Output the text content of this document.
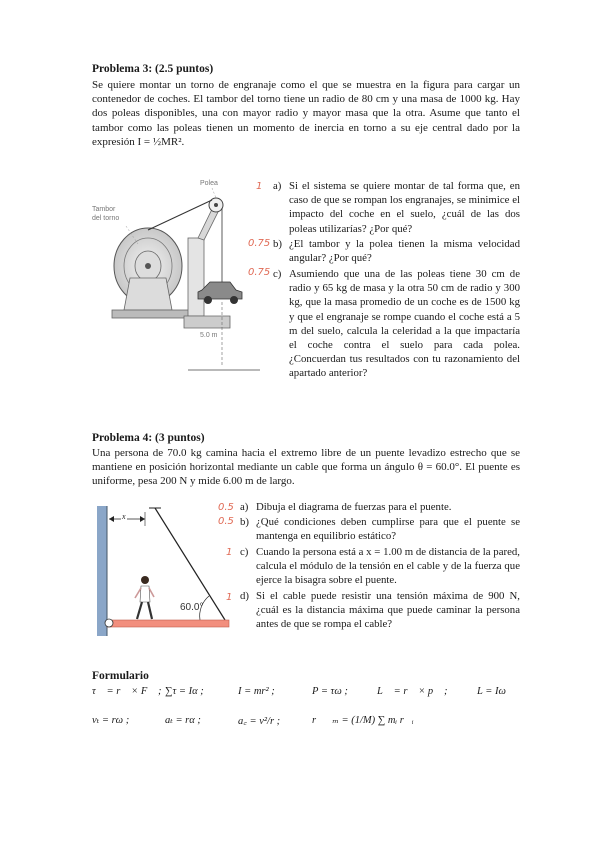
Problema 3: (2.5 puntos)
Se quiere montar un torno de engranaje como el que se muestra en la figura para cargar un contenedor de coches. El tambor del torno tiene un radio de 80 cm y una masa de 1000 kg. Hay dos poleas disponibles, una con mayor radio y mayor masa que la otra. Asume que tanto el tambor como las poleas tienen un momento de inercia en torno a su eje central dado por la expresión I = ½MR².
Polea
Tambor
del torno
5.0 m
a) Si el sistema se quiere montar de tal forma que, en caso de que se rompan los engranajes, se minimice el impacto del coche en el suelo, ¿cuál de las dos poleas utilizarías? ¿Por qué?
b) ¿El tambor y la polea tienen la misma velocidad angular? ¿Por qué?
c) Asumiendo que una de las poleas tiene 30 cm de radio y 65 kg de masa y la otra 50 cm de radio y 300 kg, que la masa promedio de un coche es de 1500 kg y que el engranaje se rompe cuando el coche está a 5 m del suelo, calcula la celeridad a la que impactaría el coche contra el suelo para cada polea. ¿Concuerdan tus resultados con tu razonamiento del apartado anterior?
1
0.75
0.75
Problema 4: (3 puntos)
Una persona de 70.0 kg camina hacia el extremo libre de un puente levadizo estrecho que se mantiene en posición horizontal mediante un cable que forma un ángulo θ = 60.0°. El puente es uniforme, pesa 200 N y mide 6.00 m de largo.
x
60.0°
a) Dibuja el diagrama de fuerzas para el puente.
b) ¿Qué condiciones deben cumplirse para que el puente se mantenga en equilibrio estático?
c) Cuando la persona está a x = 1.00 m de distancia de la pared, calcula el módulo de la tensión en el cable y de la fuerza que ejerce la bisagra sobre el puente.
d) Si el cable puede resistir una tensión máxima de 900 N, ¿cuál es la distancia máxima que puede caminar la persona antes de que se rompa el cable?
0.5
0.5
1
1
Formulario
τ⃗ = r⃗ × F⃗ ; ∑τ = Iα ;	I = mr² ;	P = τω ;	L⃗ = r⃗ × p⃗ ;	L = Iω
vₜ = rω ;	aₜ = rα ;	a꜀ = v²/r ;	r⃗꜀ₘ = (1/M) ∑ mᵢ r⃗ᵢ
